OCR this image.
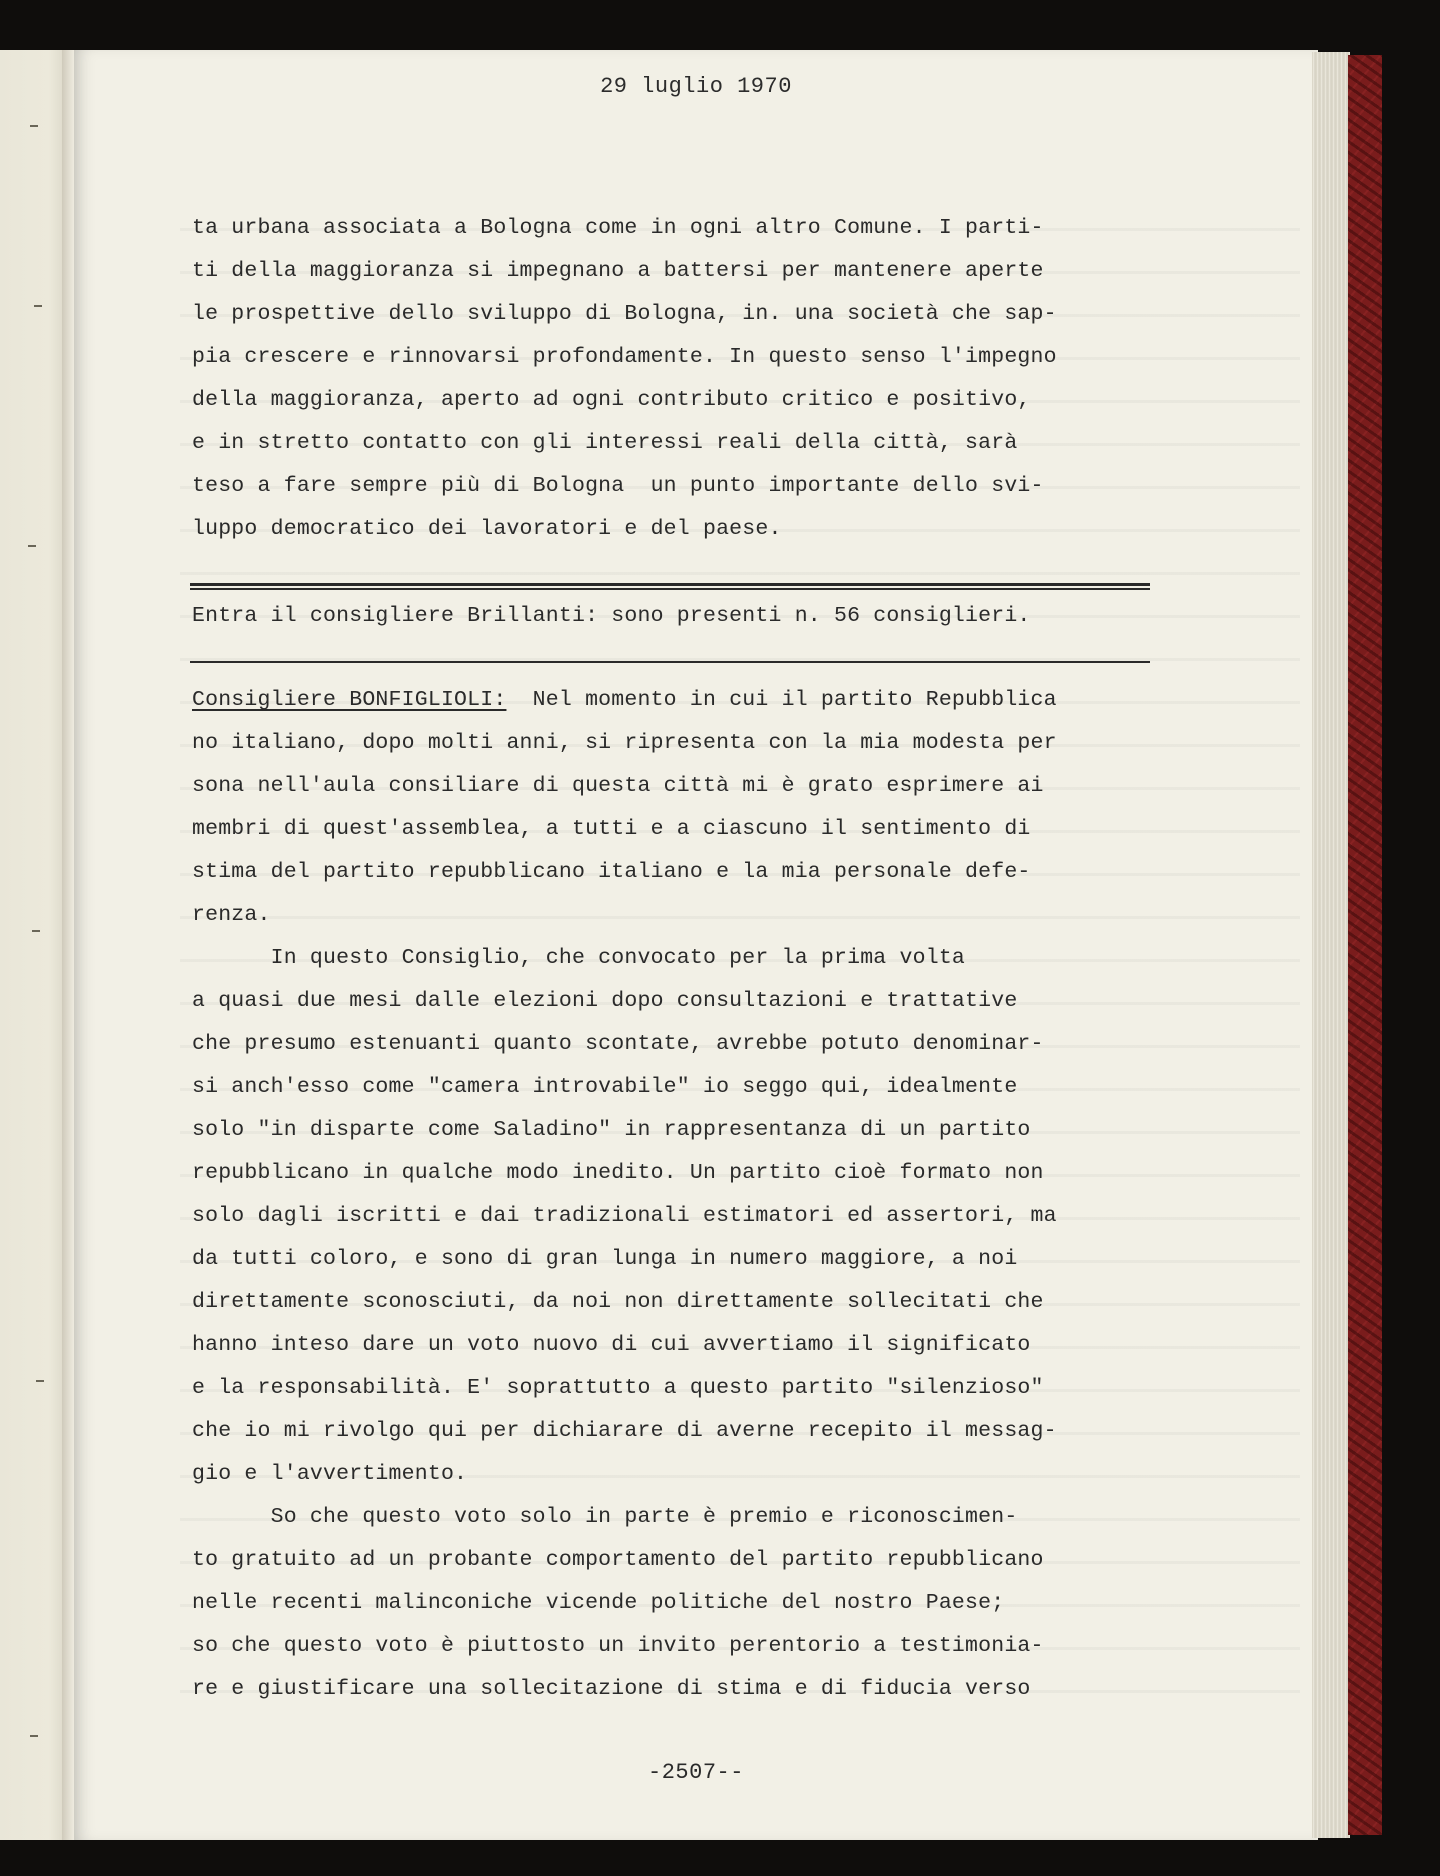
29 luglio 1970
ta urbana associata a Bologna come in ogni altro Comune. I parti-
ti della maggioranza si impegnano a battersi per mantenere aperte
le prospettive dello sviluppo di Bologna, in. una società che sap-
pia crescere e rinnovarsi profondamente. In questo senso l'impegno
della maggioranza, aperto ad ogni contributo critico e positivo,
e in stretto contatto con gli interessi reali della città, sarà
teso a fare sempre più di Bologna  un punto importante dello svi-
luppo democratico dei lavoratori e del paese.
Entra il consigliere Brillanti: sono presenti n. 56 consiglieri.
Consigliere BONFIGLIOLI:  Nel momento in cui il partito Repubblica
no italiano, dopo molti anni, si ripresenta con la mia modesta per
sona nell'aula consiliare di questa città mi è grato esprimere ai
membri di quest'assemblea, a tutti e a ciascuno il sentimento di
stima del partito repubblicano italiano e la mia personale defe-
renza.
In questo Consiglio, che convocato per la prima volta
a quasi due mesi dalle elezioni dopo consultazioni e trattative
che presumo estenuanti quanto scontate, avrebbe potuto denominar-
si anch'esso come "camera introvabile" io seggo qui, idealmente
solo "in disparte come Saladino" in rappresentanza di un partito
repubblicano in qualche modo inedito. Un partito cioè formato non
solo dagli iscritti e dai tradizionali estimatori ed assertori, ma
da tutti coloro, e sono di gran lunga in numero maggiore, a noi
direttamente sconosciuti, da noi non direttamente sollecitati che
hanno inteso dare un voto nuovo di cui avvertiamo il significato
e la responsabilità. E' soprattutto a questo partito "silenzioso"
che io mi rivolgo qui per dichiarare di averne recepito il messag-
gio e l'avvertimento.
So che questo voto solo in parte è premio e riconoscimen-
to gratuito ad un probante comportamento del partito repubblicano
nelle recenti malinconiche vicende politiche del nostro Paese;
so che questo voto è piuttosto un invito perentorio a testimonia-
re e giustificare una sollecitazione di stima e di fiducia verso
-2507--
